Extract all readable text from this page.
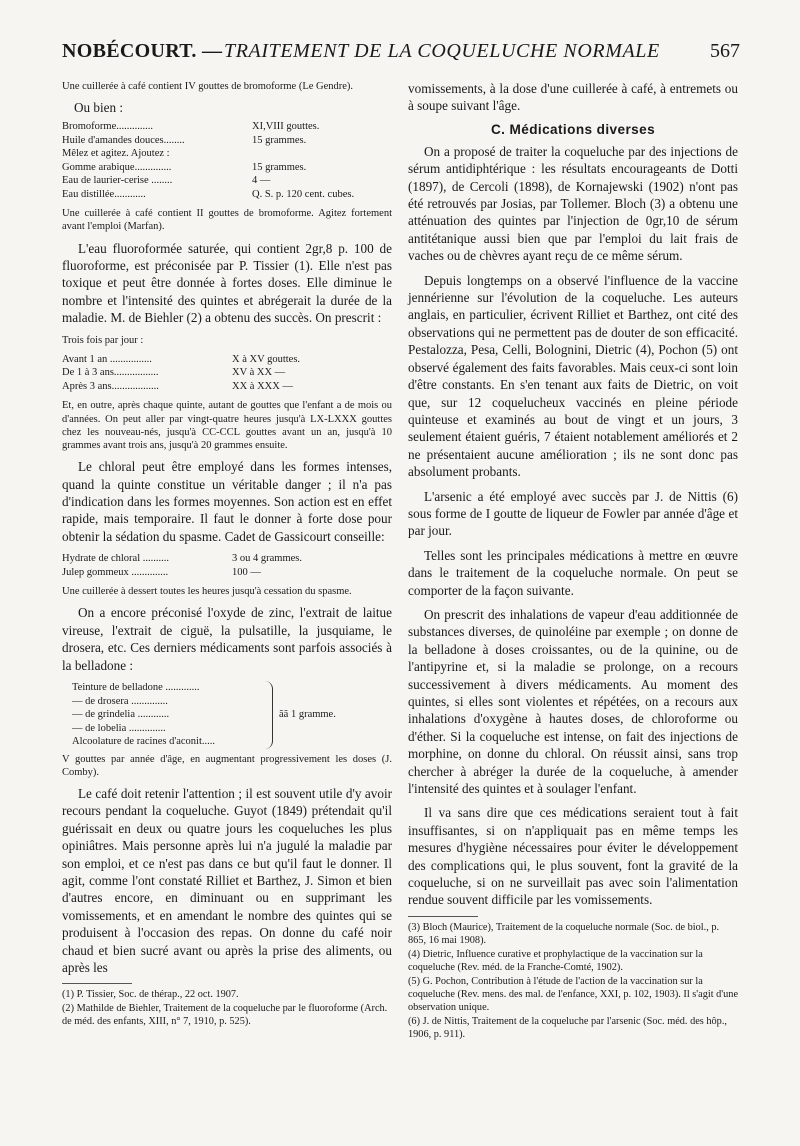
NOBÉCOURT. — TRAITEMENT DE LA COQUELUCHE NORMALE	567

Une cuillerée à café contient IV gouttes de bromoforme (Le Gendre).

Ou bien :
Bromoforme..............	XI,VIII gouttes.
Huile d'amandes douces........	15 grammes.
Mêlez et agitez. Ajoutez :
Gomme arabique..............	15 grammes.
Eau de laurier-cerise ........	4 —
Eau distillée............	Q. S. p. 120 cent. cubes.

Une cuillerée à café contient II gouttes de bromoforme. Agitez fortement avant l'emploi (Marfan).

L'eau fluoroformée saturée, qui contient 2gr,8 p. 100 de fluoroforme, est préconisée par P. Tissier (1). Elle n'est pas toxique et peut être donnée à fortes doses. Elle diminue le nombre et l'intensité des quintes et abrégerait la durée de la maladie. M. de Biehler (2) a obtenu des succès. On prescrit :

Trois fois par jour :

Avant 1 an ................	X à XV gouttes.
De 1 à 3 ans.................	XV à XX —
Après 3 ans..................	XX à XXX —

Et, en outre, après chaque quinte, autant de gouttes que l'enfant a de mois ou d'années. On peut aller par vingt-quatre heures jusqu'à LX-LXXX gouttes chez les nouveau-nés, jusqu'à CC-CCL gouttes avant un an, jusqu'à 10 grammes avant trois ans, jusqu'à 20 grammes ensuite.

Le chloral peut être employé dans les formes intenses, quand la quinte constitue un véritable danger ; il n'a pas d'indication dans les formes moyennes. Son action est en effet rapide, mais temporaire. Il faut le donner à forte dose pour obtenir la sédation du spasme. Cadet de Gassicourt conseille:

Hydrate de chloral ..........	3 ou 4 grammes.
Julep gommeux ..............	100 —

Une cuillerée à dessert toutes les heures jusqu'à cessation du spasme.

On a encore préconisé l'oxyde de zinc, l'extrait de laitue vireuse, l'extrait de ciguë, la pulsatille, la jusquiame, le drosera, etc. Ces derniers médicaments sont parfois associés à la belladone :

Teinture de belladone .............
— de drosera ..............
— de grindelia ............
— de lobelia ..............
Alcoolature de racines d'aconit.....
ãã 1 gramme.

V gouttes par année d'âge, en augmentant progressivement les doses (J. Comby).

Le café doit retenir l'attention ; il est souvent utile d'y avoir recours pendant la coqueluche. Guyot (1849) prétendait qu'il guérissait en deux ou quatre jours les coqueluches les plus opiniâtres. Mais personne après lui n'a jugulé la maladie par son emploi, et ce n'est pas dans ce but qu'il faut le donner. Il agit, comme l'ont constaté Rilliet et Barthez, J. Simon et bien d'autres encore, en diminuant ou en supprimant les vomissements, et en amendant le nombre des quintes qui se produisent à l'occasion des repas. On donne du café noir chaud et bien sucré avant ou après la prise des aliments, ou après les

(1) P. Tissier, Soc. de thérap., 22 oct. 1907.

(2) Mathilde de Biehler, Traitement de la coqueluche par le fluoroforme (Arch. de méd. des enfants, XIII, n° 7, 1910, p. 525).

vomissements, à la dose d'une cuillerée à café, à entremets ou à soupe suivant l'âge.

C. Médications diverses

On a proposé de traiter la coqueluche par des injections de sérum antidiphtérique : les résultats encourageants de Dotti (1897), de Cercoli (1898), de Kornajewski (1902) n'ont pas été retrouvés par Josias, par Tollemer. Bloch (3) a obtenu une atténuation des quintes par l'injection de 0gr,10 de sérum antitétanique aussi bien que par l'emploi du lait frais de vaches ou de chèvres ayant reçu de ce même sérum.

Depuis longtemps on a observé l'influence de la vaccine jennérienne sur l'évolution de la coqueluche. Les auteurs anglais, en particulier, écrivent Rilliet et Barthez, ont cité des observations qui ne permettent pas de douter de son efficacité. Pestalozza, Pesa, Celli, Bolognini, Dietric (4), Pochon (5) ont observé également des faits favorables. Mais ceux-ci sont loin d'être constants. En s'en tenant aux faits de Dietric, on voit que, sur 12 coqueluchеux vaccinés en pleine période quinteuse et examinés au bout de vingt et un jours, 3 seulement étaient guéris, 7 étaient notablement améliorés et 2 ne présentaient aucune amélioration ; ils ne sont donc pas absolument probants.

L'arsenic a été employé avec succès par J. de Nittis (6) sous forme de I goutte de liqueur de Fowler par année d'âge et par jour.

Telles sont les principales médications à mettre en œuvre dans le traitement de la coqueluche normale. On peut se comporter de la façon suivante.

On prescrit des inhalations de vapeur d'eau additionnée de substances diverses, de quinoléine par exemple ; on donne de la belladone à doses croissantes, ou de la quinine, ou de l'antipyrine et, si la maladie se prolonge, on a recours successivement à divers médicaments. Au moment des quintes, si elles sont violentes et répétées, on a recours aux inhalations d'oxygène à hautes doses, de chloroforme ou d'éther. Si la coqueluche est intense, on fait des injections de morphine, on donne du chloral. On réussit ainsi, sans trop chercher à abréger la durée de la coqueluche, à amender l'intensité des quintes et à soulager l'enfant.

Il va sans dire que ces médications seraient tout à fait insuffisantes, si on n'appliquait pas en même temps les mesures d'hygiène nécessaires pour éviter le développement des complications qui, le plus souvent, font la gravité de la coqueluche, si on ne surveillait pas avec soin l'alimentation rendue souvent difficile par les vomissements.

(3) Bloch (Maurice), Traitement de la coqueluche normale (Soc. de biol., p. 865, 16 mai 1908).

(4) Dietric, Influence curative et prophylactique de la vaccination sur la coqueluche (Rev. méd. de la Franche-Comté, 1902).

(5) G. Pochon, Contribution à l'étude de l'action de la vaccination sur la coqueluche (Rev. mens. des mal. de l'enfance, XXI, p. 102, 1903). Il s'agit d'une observation unique.

(6) J. de Nittis, Traitement de la coqueluche par l'arsenic (Soc. méd. des hôp., 1906, p. 911).
